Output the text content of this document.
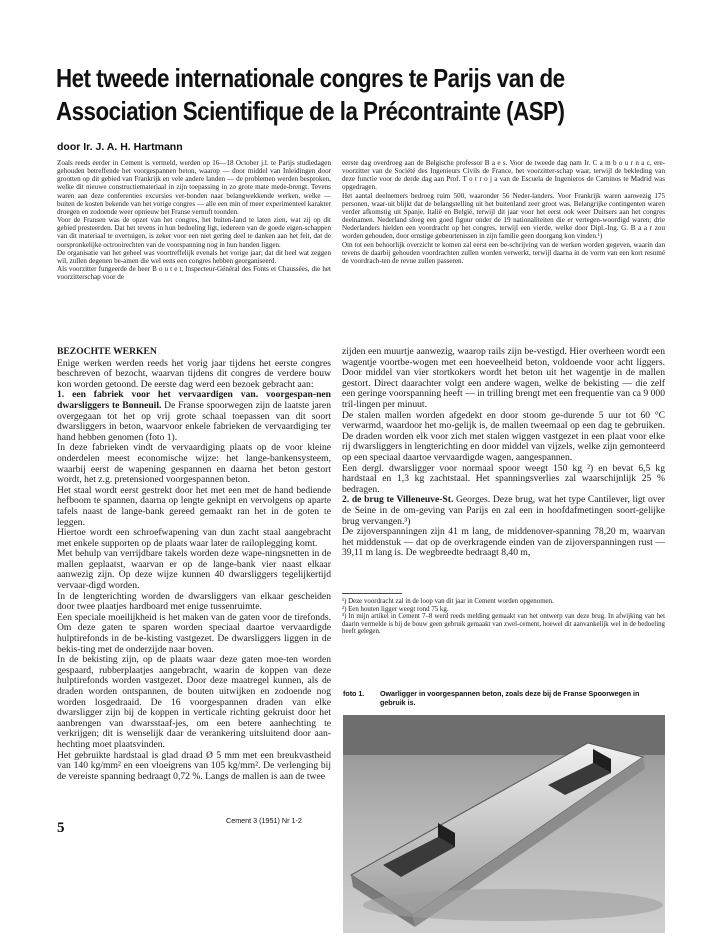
Het tweede internationale congres te Parijs van de
Association Scientifique de la Précontrainte (ASP)
door Ir. J. A. H. Hartmann

Zoals reeds eerder in Cement is vermeld, werden op 16—18 October j.l. te Parijs studiedagen gehouden betreffende het voorgespannen beton, waarop — door middel van Inleidingen door grootten op dit gebied van Frankrijk en vele andere landen — de problemen werden besproken, welke dit nieuwe constructiemateriaal in zijn toepassing in zo grote mate mede-brengt. Tevens waren aan deze conferenties excursies ver-bonden naar belangwekkende werken, welke — buiten de kosten bekende van het vorige congres — alle een min of meer experimenteel karakter droegen en zodoende weer opnieuw het Franse vernuft toonden.

Voor de Fransen was de opzet van het congres, het buiten-land te laten zien, wat zij op dit gebied presteerden. Dat het tevens in hun bedoeling ligt, iedereen van de goede eigen-schappen van dit materiaal te overtuigen, is zeker voor een niet gering deel te danken aan het feit, dat de oorspronkelijke octrooirechten van de voorspanning nog in hun handen liggen.

De organisatie van het geheel was voortreffelijk evenals het vorige jaar; dat dit heel wat zeggen wil, zullen degenen be-amen die wel eens een congres hebben georganiseerd.

Als voorzitter fungeerde de heer B o u t e t, Inspecteur-Général des Fonts et Chaussées, die het voorzitterschap voor de

eerste dag overdroeg aan de Belgische professor B a e s. Voor de tweede dag nam Ir. C a m b o u r n a c, ere-voorzitter van de Société des Ingenieurs Civils de France, het voorzitter-schap waar, terwijl de bekleding van deze functie voor de derde dag aan Prof. T o r r o j a van de Escuela de Ingenieros de Caminos te Madrid was opgedragen.

Het aantal deelnemers bedroeg ruim 500, waaronder 56 Neder-landers. Voor Frankrijk waren aanwezig 175 personen, waar-uit blijkt dat de belangstelling uit het buitenland zeer groot was. Belangrijke contingenten waren verder afkomstig uit Spanje, Italië en België, terwijl dit jaar voor het eerst ook weer Duitsers aan het congres deelnamen. Nederland sloeg een goed figuur onder de 19 nationaliteiten die er vertegen-woordigd waren; drie Nederlanders hielden een voordracht op het congres, terwijl een vierde, welke door Dipl.-Ing. G. B a a r zou worden gehouden, door ernstige gebeurtenissen in zijn familie geen doorgang kon vinden.¹)

Om tot een behoorlijk overzicht te komen zal eerst een be-schrijving van de werken worden gegeven, waarin dan tevens de daarbij gehouden voordrachten zullen worden verwerkt, terwijl daarna in de vorm van een kort resumé de voordrach-ten de revue zullen passeren.

BEZOCHTE WERKEN

Enige werken werden reeds het vorig jaar tijdens het eerste congres beschreven of bezocht, waarvan tijdens dit congres de verdere bouw kon worden getoond. De eerste dag werd een bezoek gebracht aan:

1. een fabriek voor het vervaardigen van. voorgespan-nen dwarsliggers te Bonneuil. De Franse spoorwegen zijn de laatste jaren overgegaan tot het op vrij grote schaal toepassen van dit soort dwarsliggers in beton, waarvoor enkele fabrieken de vervaardiging ter hand hebben genomen (foto 1).

In deze fabrieken vindt de vervaardiging plaats op de voor kleine onderdelen meest economische wijze: het lange-bankensysteem, waarbij eerst de wapening gespannen en daarna het beton gestort wordt, het z.g. pretensioned voorgespannen beton.

Het staal wordt eerst gestrekt door het met een met de hand bediende hefboom te spannen, daarna op lengte geknipt en vervolgens op aparte tafels naast de lange-bank gereed gemaakt ran het in de goten te leggen.

Hiertoe wordt een schroefwapening van dun zacht staal aangebracht met enkele supporten op de plaats waar later de railoplegging komt.

Met behulp van verrijdbare takels worden deze wape-ningsnetten in de mallen geplaatst, waarvan er op de lange-bank vier naast elkaar aanwezig zijn. Op deze wijze kunnen 40 dwarsliggers tegelijkertijd vervaar-digd worden.

In de lengterichting worden de dwarsliggers van elkaar gescheiden door twee plaatjes hardboard met enige tussenruimte.

Een speciale moeilijkheid is het maken van de gaten voor de tirefonds. Om deze gaten te sparen worden speciaal daartoe vervaardigde hulptirefonds in de be-kisting vastgezet. De dwarsliggers liggen in de bekis-ting met de onderzijde naar boven.

In de bekisting zijn, op de plaats waar deze gaten moe-ten worden gespaard, rubberplaatjes aangebracht, waarin de koppen van deze hulptirefonds worden vastgezet. Door deze maatregel kunnen, als de draden worden ontspannen, de bouten uitwijken en zodoende nog worden losgedraaid. De 16 voorgespannen draden van elke dwarsligger zijn bij de koppen in verticale richting gekruist door het aanbrengen van dwarsstaaf-jes, om een betere aanhechting te verkrijgen; dit is wenselijk daar de verankering uitsluitend door aan-hechting moet plaatsvinden.

Het gebruikte hardstaal is glad draad Ø 5 mm met een breukvastheid van 140 kg/mm² en een vloeigrens van 105 kg/mm². De verlenging bij de vereiste spanning bedraagt 0,72 %. Langs de mallen is aan de twee

zijden een muurtje aanwezig, waarop rails zijn be-vestigd. Hier overheen wordt een wagentje voortbe-wogen met een hoeveelheid beton, voldoende voor acht liggers. Door middel van vier stortkokers wordt het beton uit het wagentje in de mallen gestort. Direct daarachter volgt een andere wagen, welke de bekisting — die zelf een geringe voorspanning heeft — in trilling brengt met een frequentie van ca 9 000 tril-lingen per minuut.

De stalen mallen worden afgedekt en door stoom ge-durende 5 uur tot 60 °C verwarmd, waardoor het mo-gelijk is, de mallen tweemaal op een dag te gebruiken. De draden worden elk voor zich met stalen wiggen vastgezet in een plaat voor elke rij dwarsliggers in lengterichting en door middel van vijzels, welke zijn gemonteerd op een speciaal daartoe vervaardigde wagen, aangespannen.

Een dergl. dwarsligger voor normaal spoor weegt 150 kg ²) en bevat 6,5 kg hardstaal en 1,3 kg zachtstaal. Het spanningsverlies zal waarschijnlijk 25 % bedragen.

2. de brug te Villeneuve-St. Georges. Deze brug, wat het type Cantilever, ligt over de Seine in de om-geving van Parijs en zal een in hoofdafmetingen soort-gelijke brug vervangen.³)

De zijoverspanningen zijn 41 m lang, de middenover-spanning 78,20 m, waarvan het middenstuk — dat op de overkragende einden van de zijoverspanningen rust — 39,11 m lang is. De wegbreedte bedraagt 8,40 m,

¹) Deze voordracht zal in de loop van dit jaar in Cement worden opgenomen.

²) Een houten ligger weegt rond 75 kg.

³) In mijn artikel in Cement 7–8 werd reeds melding gemaakt van het ontwerp van deze brug. In afwijking van het daarin vermelde is bij de bouw geen gebruik gemaakt van zwel-cement, hoewel dit aanvankelijk wel in de bedoeling heeft gelegen.

foto 1. Owarligger in voorgespannen beton, zoals deze bij de Franse Spoorwegen in gebruik is.
5	Cement 3 (1951) Nr 1-2
